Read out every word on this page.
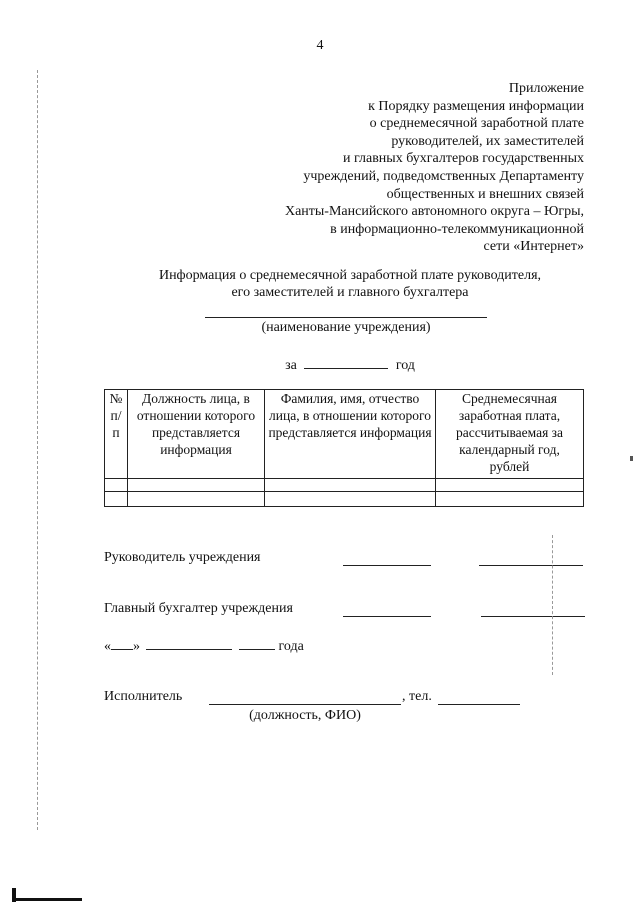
4
Приложение
к Порядку размещения информации
о среднемесячной заработной плате
руководителей, их заместителей
и главных бухгалтеров государственных
учреждений, подведомственных Департаменту
общественных и внешних связей
Ханты-Мансийского автономного округа – Югры,
в информационно-телекоммуникационной
сети «Интернет»
Информация о среднемесячной заработной плате руководителя,
его заместителей и главного бухгалтера
(наименование учреждения)
за	год
№ п/п	Должность лица, в отношении которого представляется информация	Фамилия, имя, отчество лица, в отношении которого представляется информация	Среднемесячная заработная плата, рассчитываемая за календарный год, рублей

Руководитель учреждения
Главный бухгалтер учреждения
« »	года
Исполнитель
(должность, ФИО)
, тел.
